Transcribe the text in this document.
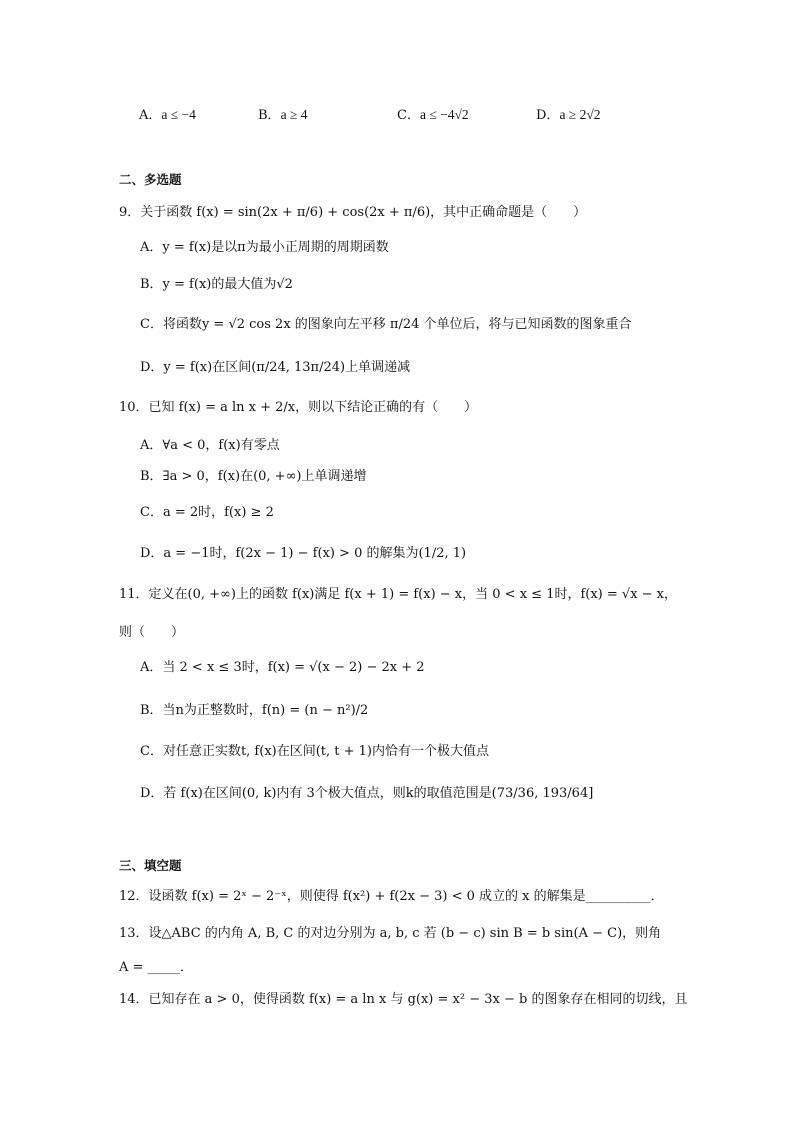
A．a ≤ −4	B．a ≥ 4	C．a ≤ −4√2	D．a ≥ 2√2
二、多选题
9．关于函数 f(x) = sin(2x + π/6) + cos(2x + π/6)，其中正确命题是（　　）
A．y = f(x)是以π为最小正周期的周期函数
B．y = f(x)的最大值为√2
C．将函数y = √2 cos 2x 的图象向左平移 π/24 个单位后，将与已知函数的图象重合
D．y = f(x)在区间(π/24, 13π/24)上单调递减
10．已知 f(x) = a ln x + 2/x，则以下结论正确的有（　　）
A．∀a < 0，f(x)有零点
B．∃a > 0，f(x)在(0, +∞)上单调递增
C．a = 2时，f(x) ≥ 2
D．a = −1时，f(2x − 1) − f(x) > 0 的解集为(1/2, 1)
11．定义在(0, +∞)上的函数 f(x)满足 f(x + 1) = f(x) − x，当 0 < x ≤ 1时，f(x) = √x − x，
则（　　）
A．当 2 < x ≤ 3时，f(x) = √(x − 2) − 2x + 2
B．当n为正整数时，f(n) = (n − n²)/2
C．对任意正实数t, f(x)在区间(t, t + 1)内恰有一个极大值点
D．若 f(x)在区间(0, k)内有 3个极大值点，则k的取值范围是(73/36, 193/64]
三、填空题
12．设函数 f(x) = 2ˣ − 2⁻ˣ，则使得 f(x²) + f(2x − 3) < 0 成立的 x 的解集是__________．
13．设△ABC 的内角 A, B, C 的对边分别为 a, b, c 若 (b − c) sin B = b sin(A − C)，则角
A = _____．
14．已知存在 a > 0，使得函数 f(x) = a ln x 与 g(x) = x² − 3x − b 的图象存在相同的切线，且
